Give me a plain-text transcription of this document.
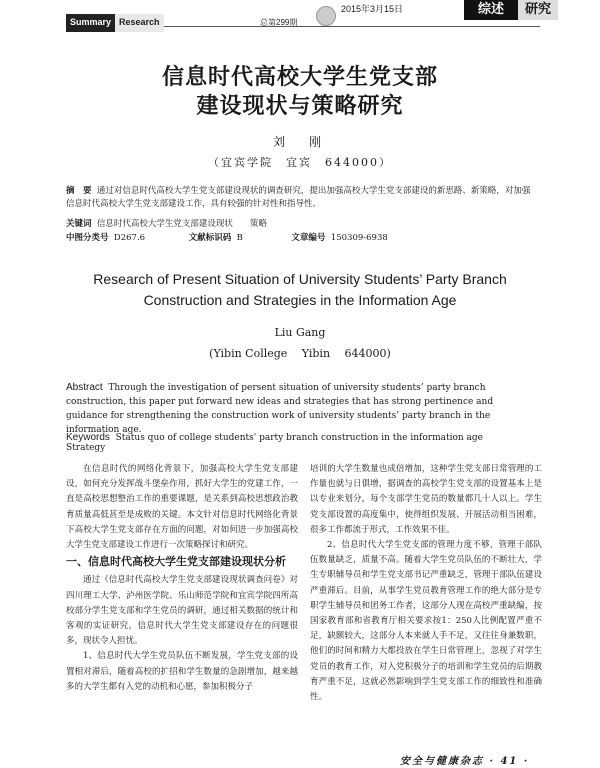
Summary Research	总第299期
2015年3月15日	综述	研究
信息时代高校大学生党支部
建设现状与策略研究
刘　刚
（宜宾学院　宜宾　644000）
摘　要 通过对信息时代高校大学生党支部建设现状的调查研究，提出加强高校大学生党支部建设的新思路、新策略，对加强信息时代高校大学生党支部建设工作，具有较强的针对性和指导性。
关键词 信息时代高校大学生党支部建设现状　　策略
中图分类号 D267.6	文献标识码 B	文章编号 150309-6938
Research of Present Situation of University Students’ Party Branch
Construction and Strategies in the Information Age
Liu Gang
(Yibin College　 Yibin　 644000)
Abstract Through the investigation of persent situation of university students’ party branch construction, this paper put forward new ideas and strategies that has strong pertinence and guidance for strengthening the construction work of university students’ party branch in the information age.
Keywords Status quo of college students' party branch construction in the information age　　　Strategy

在信息时代的网络化背景下，加强高校大学生党支部建设，如何充分发挥战斗堡垒作用，抓好大学生的党建工作，一直是高校思想整治工作的重要课题，是关系到高校思想政治教育质量高低甚至是成败的关键。本文针对信息时代网络化背景下高校大学生党支部存在方面的问题，对如何进一步加强高校大学生党支部建设工作进行一次策略探讨和研究。

一、信息时代高校大学生党支部建设现状分析

通过《信息时代高校大学生党支部建设现状调查问卷》对四川理工大学、泸州医学院、乐山师范学院和宜宾学院四所高校部分学生党支部和学生党员的调研，通过相关数据的统计和客观的实证研究，信息时代大学生党支部建设存在的问题很多，现状令人担忧。

1、信息时代大学生党员队伍不断发展，学生党支部的设置相对滞后，随着高校的扩招和学生数量的急剧增加，越来越多的大学生都有入党的动机和心愿，参加积极分子

培训的大学生数量也成倍增加，这种学生党支部日常管理的工作量也就与日俱增，据调查的高校学生党支部的设置基本上是以专业来划分，每个支部学生党员的数量都几十人以上。学生党支部设置的高度集中，使得组织发展、开展活动相当困难，很多工作都流于形式，工作效果不佳。

2、信息时代大学生党支部的管理力度不够，管理干部队伍数量缺乏，质量不高。随着大学生党员队伍的不断壮大，学生专职辅导员和学生党支部书记严重缺乏，管理干部队伍建设严重滞后。目前，从事学生党员教育管理工作的绝大部分是专职学生辅导员和团务工作者，这部分人现在高校严重缺编，按国家教育部和省教育厅相关要求按1：250人比例配置严重不足，缺额较大，这部分人本来就人手不足，又往往身兼数职，他们的时间和精力大都投放在学生日常管理上，忽视了对学生党员的教育工作，对入党积极分子的培训和学生党员的后期教育严重不足，这就必然影响到学生党支部工作的细致性和准确性。

安全与健康杂志 · 41 ·
